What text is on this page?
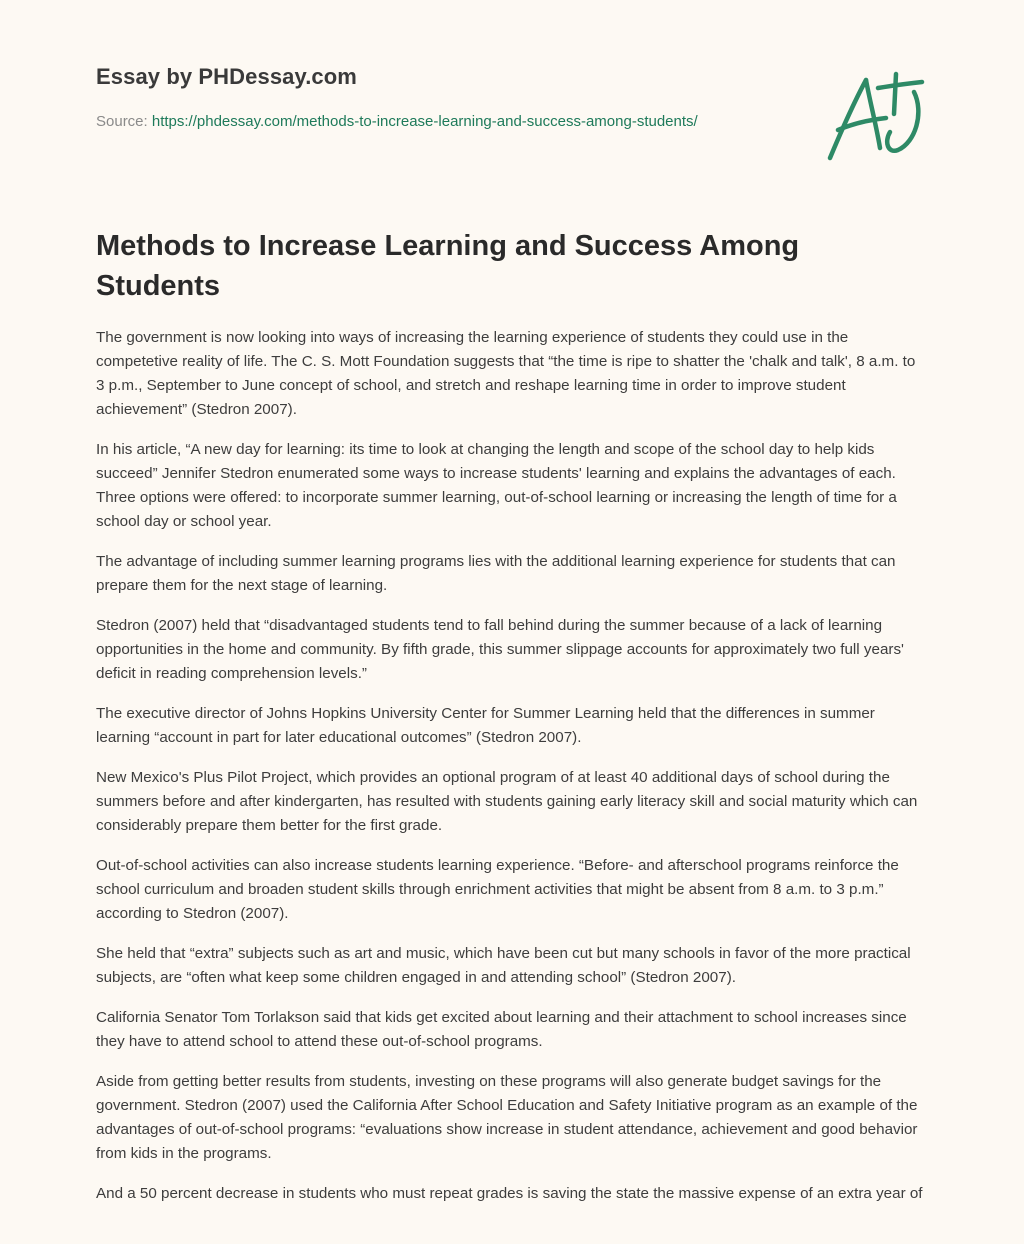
Essay by PHDessay.com
Source: https://phdessay.com/methods-to-increase-learning-and-success-among-students/
Methods to Increase Learning and Success Among Students

The government is now looking into ways of increasing the learning experience of students they could use in the competetive reality of life. The C. S. Mott Foundation suggests that “the time is ripe to shatter the 'chalk and talk', 8 a.m. to 3 p.m., September to June concept of school, and stretch and reshape learning time in order to improve student achievement” (Stedron 2007).

In his article, “A new day for learning: its time to look at changing the length and scope of the school day to help kids succeed” Jennifer Stedron enumerated some ways to increase students' learning and explains the advantages of each. Three options were offered: to incorporate summer learning, out-of-school learning or increasing the length of time for a school day or school year.

The advantage of including summer learning programs lies with the additional learning experience for students that can prepare them for the next stage of learning.

Stedron (2007) held that “disadvantaged students tend to fall behind during the summer because of a lack of learning opportunities in the home and community. By fifth grade, this summer slippage accounts for approximately two full years' deficit in reading comprehension levels.”

The executive director of Johns Hopkins University Center for Summer Learning held that the differences in summer learning “account in part for later educational outcomes” (Stedron 2007).

New Mexico's Plus Pilot Project, which provides an optional program of at least 40 additional days of school during the summers before and after kindergarten, has resulted with students gaining early literacy skill and social maturity which can considerably prepare them better for the first grade.

Out-of-school activities can also increase students learning experience. “Before- and afterschool programs reinforce the school curriculum and broaden student skills through enrichment activities that might be absent from 8 a.m. to 3 p.m.” according to Stedron (2007).

She held that “extra” subjects such as art and music, which have been cut but many schools in favor of the more practical subjects, are “often what keep some children engaged in and attending school” (Stedron 2007).

California Senator Tom Torlakson said that kids get excited about learning and their attachment to school increases since they have to attend school to attend these out-of-school programs.

Aside from getting better results from students, investing on these programs will also generate budget savings for the government. Stedron (2007) used the California After School Education and Safety Initiative program as an example of the advantages of out-of-school programs: “evaluations show increase in student attendance, achievement and good behavior from kids in the programs.

And a 50 percent decrease in students who must repeat grades is saving the state the massive expense of an extra year of
